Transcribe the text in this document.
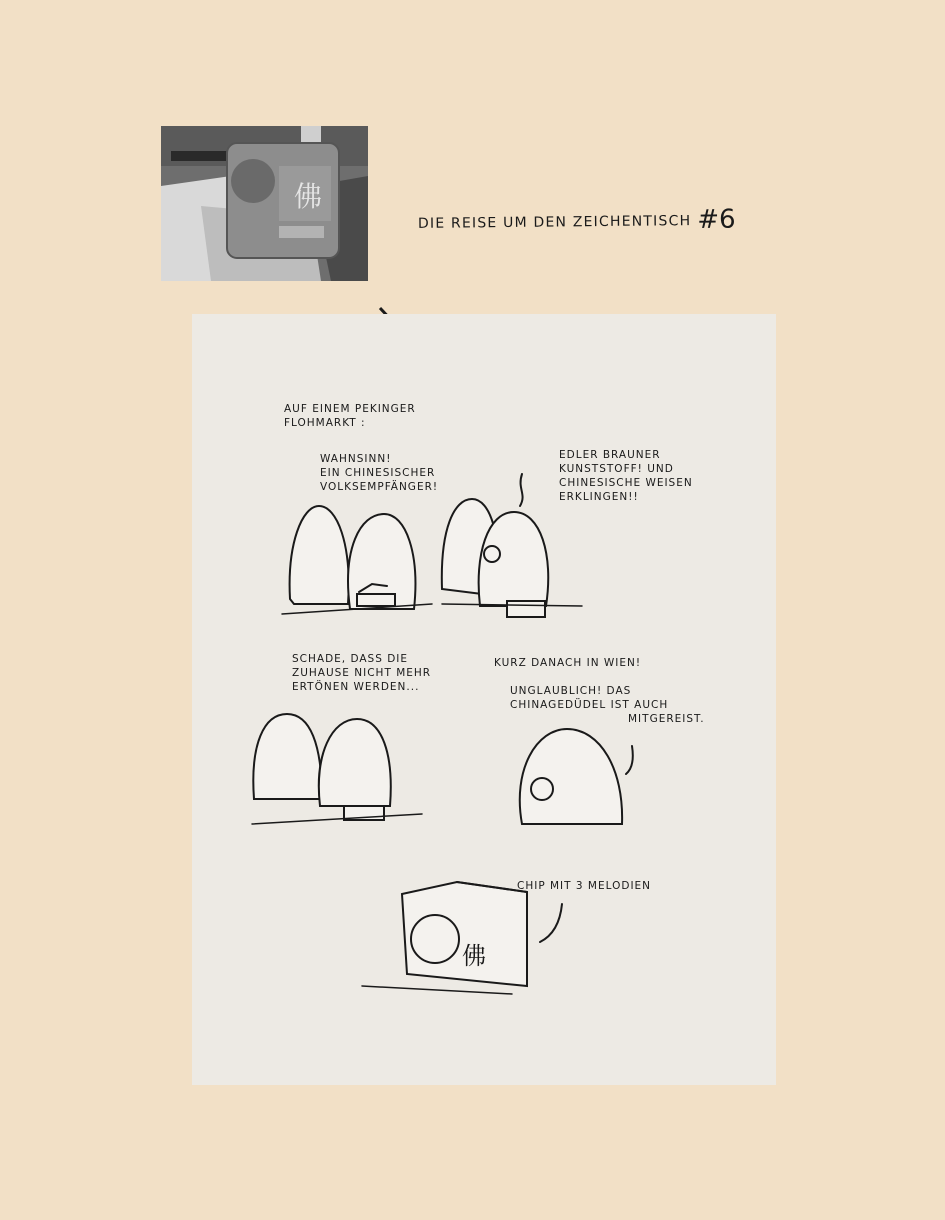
佛
DIE REISE UM DEN ZEICHENTISCH #6
佛
AUF EINEM PEKINGER
FLOHMARKT :
WAHNSINN!
EIN CHINESISCHER
VOLKSEMPFÄNGER!
EDLER BRAUNER
KUNSTSTOFF! UND
CHINESISCHE WEISEN
ERKLINGEN!!
SCHADE, DASS DIE
ZUHAUSE NICHT MEHR
ERTÖNEN WERDEN...
KURZ DANACH IN WIEN!
UNGLAUBLICH! DAS
CHINAGEDÜDEL IST AUCH
MITGEREIST.
CHIP MIT 3 MELODIEN
